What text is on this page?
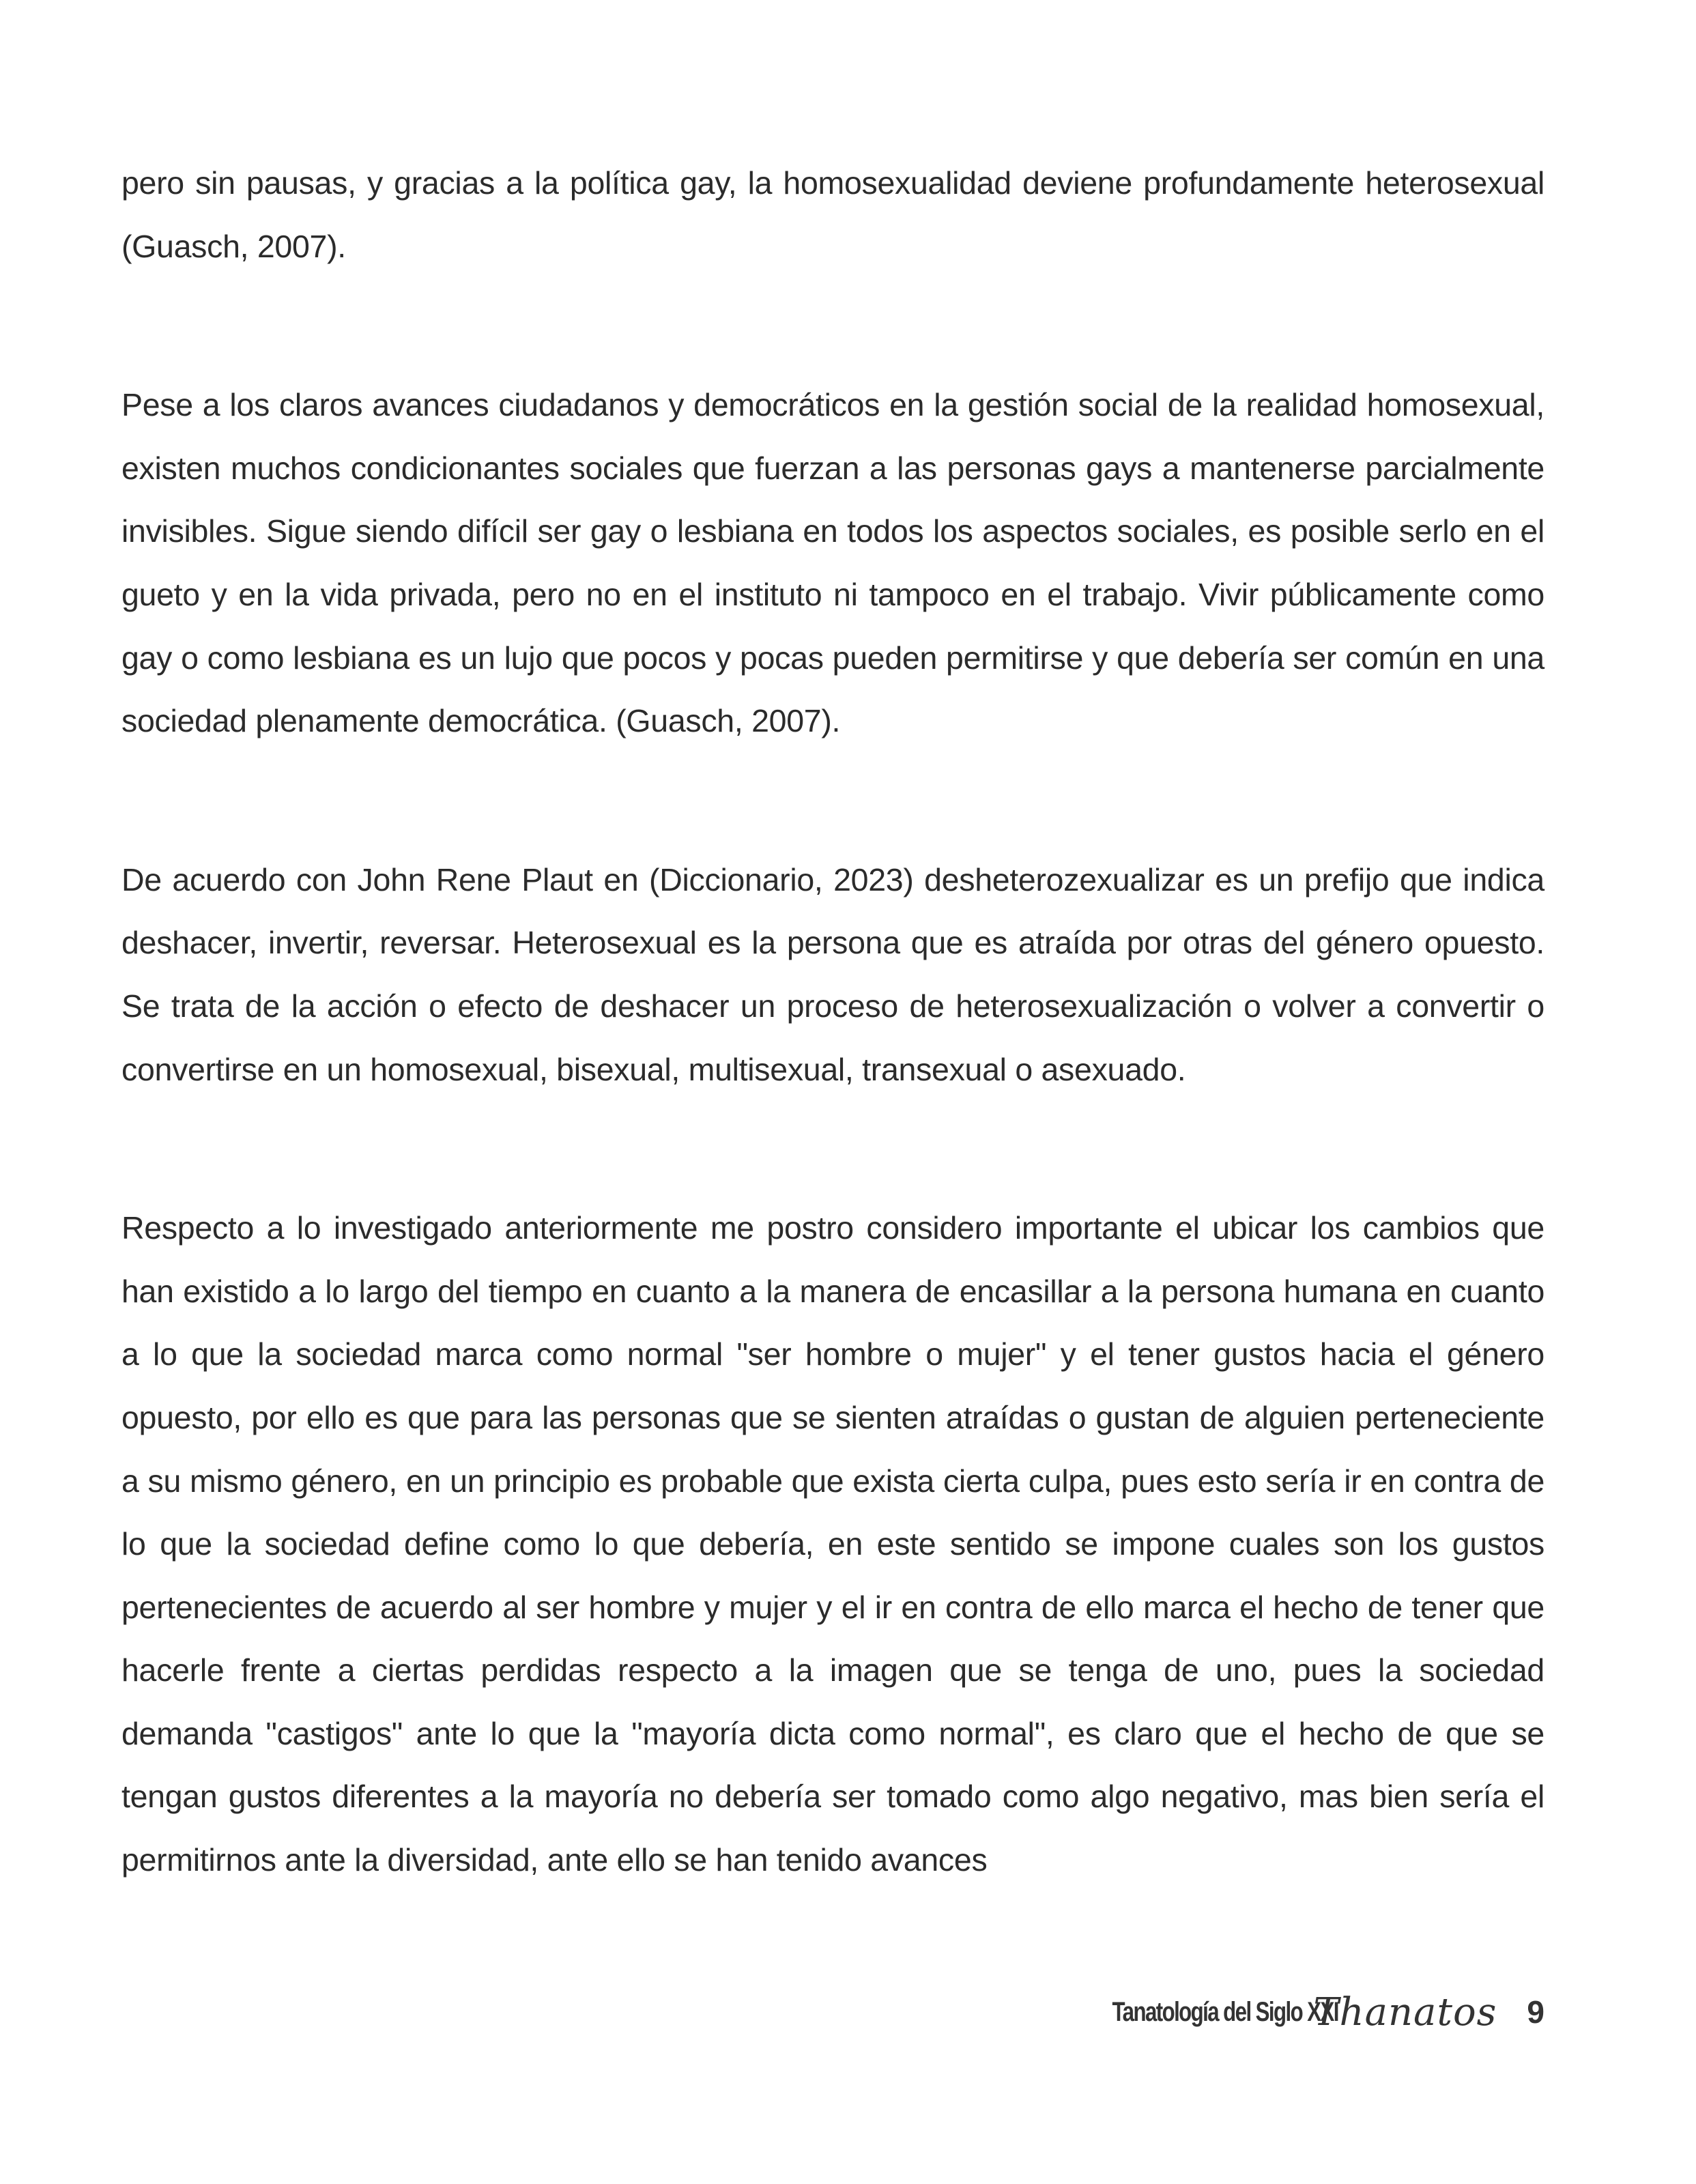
pero sin pausas, y gracias a la política gay, la homosexualidad deviene profundamente heterosexual (Guasch, 2007).

Pese a los claros avances ciudadanos y democráticos en la gestión social de la realidad homosexual, existen muchos condicionantes sociales que fuerzan a las personas gays a mantenerse parcialmente invisibles. Sigue siendo difícil ser gay o lesbiana en todos los aspectos sociales, es posible serlo en el gueto y en la vida privada, pero no en el instituto ni tampoco en el trabajo. Vivir públicamente como gay o como lesbiana es un lujo que pocos y pocas pueden permitirse y que debería ser común en una sociedad plenamente democrática. (Guasch, 2007).

De acuerdo con John Rene Plaut en (Diccionario, 2023) desheterozexualizar es un prefijo que indica deshacer, invertir, reversar. Heterosexual es la persona que es atraída por otras del género opuesto. Se trata de la acción o efecto de deshacer un proceso de heterosexualización o volver a convertir o convertirse en un homosexual, bisexual, multisexual, transexual o asexuado.

Respecto a lo investigado anteriormente me postro considero importante el ubicar los cambios que han existido a lo largo del tiempo en cuanto a la manera de encasillar a la persona humana en cuanto a lo que la sociedad marca como normal "ser hombre o mujer" y el tener gustos hacia el género opuesto, por ello es que para las personas que se sienten atraídas o gustan de alguien perteneciente a su mismo género, en un principio es probable que exista cierta culpa, pues esto sería ir en contra de lo que la sociedad define como lo que debería, en este sentido se impone cuales son los gustos pertenecientes de acuerdo al ser hombre y mujer y el ir en contra de ello marca el hecho de tener que hacerle frente a ciertas perdidas respecto a la imagen que se tenga de uno, pues la sociedad demanda "castigos" ante lo que la "mayoría dicta como normal", es claro que el hecho de que se tengan gustos diferentes a la mayoría no debería ser tomado como algo negativo, mas bien sería el permitirnos ante la diversidad, ante ello se han tenido avances

Tanatología del Siglo XXI
Thanatos 9
